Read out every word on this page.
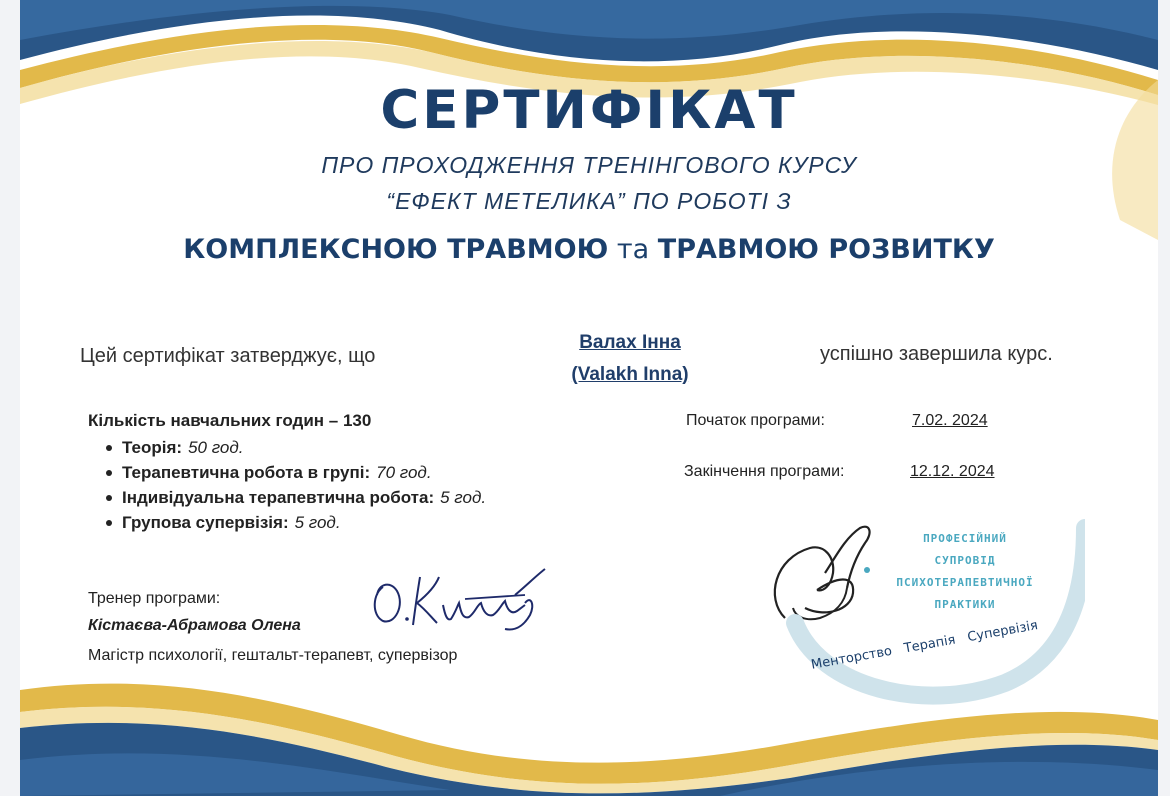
СЕРТИФІКАТ
ПРО ПРОХОДЖЕННЯ ТРЕНІНГОВОГО КУРСУ
“ЕФЕКТ МЕТЕЛИКА” ПО РОБОТІ З
КОМПЛЕКСНОЮ ТРАВМОЮ та ТРАВМОЮ РОЗВИТКУ
Цей сертифікат затверджує, що
Валах Інна
(Valakh Inna)
успішно завершила курс.
Кількість навчальних годин – 130
Теорія: 50 год.
Терапевтична робота в групі: 70 год.
Індивідуальна терапевтична робота: 5 год.
Групова супервізія: 5 год.
Початок програми:	7.02. 2024
Закінчення програми:	12.12. 2024
Тренер програми:
Кістаєва-Абрамова Олена
Магістр психології, гештальт-терапевт, супервізор
ПРОФЕСІЙНИЙ
СУПРОВІД
ПСИХОТЕРАПЕВТИЧНОЇ
ПРАКТИКИ
Менторство   Терапія   Супервізія
